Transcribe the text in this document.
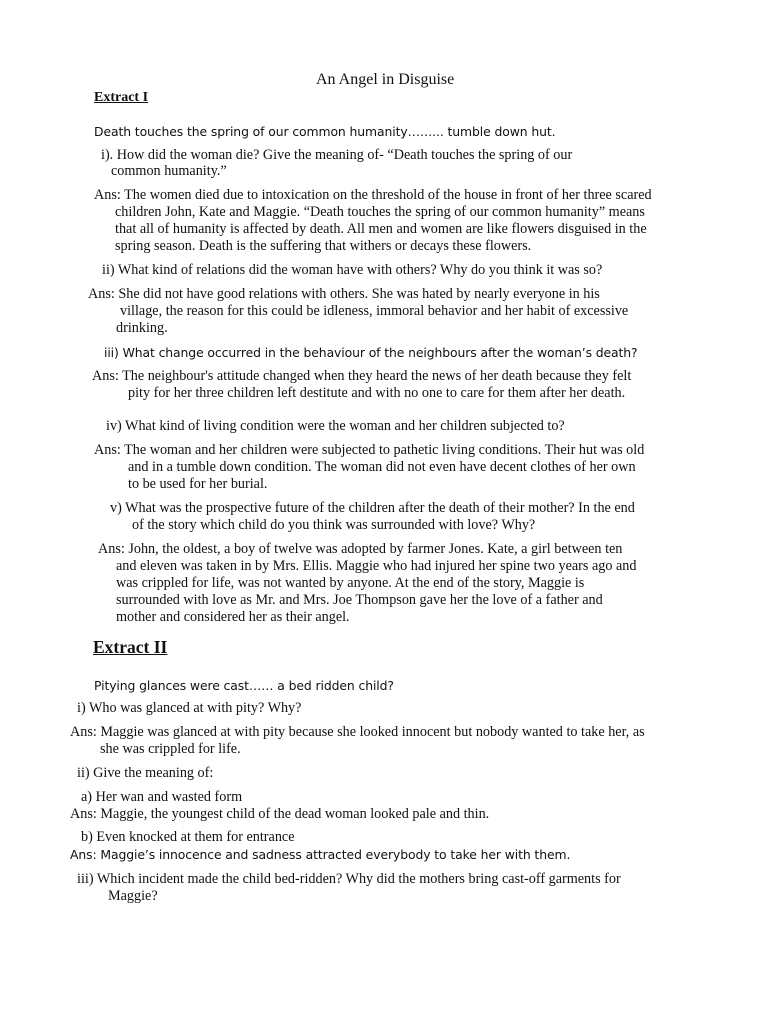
An Angel in Disguise
Extract I
Death touches the spring of our common humanity……... tumble down hut.
i). How did the woman die? Give the meaning of- “Death touches the spring of our
common humanity.”
Ans: The women died due to intoxication on the threshold of the house in front of her three scared
children John, Kate and Maggie. “Death touches the spring of our common humanity” means
that all of humanity is affected by death. All men and women are like flowers disguised in the
spring season. Death is the suffering that withers or decays these flowers.
ii) What kind of relations did the woman have with others? Why do you think it was so?
Ans: She did not have good relations with others. She was hated by nearly everyone in his
village, the reason for this could be idleness, immoral behavior and her habit of excessive
drinking.
iii) What change occurred in the behaviour of the neighbours after the woman’s death?
Ans: The neighbour's attitude changed when they heard the news of her death because they felt
pity for her three children left destitute and with no one to care for them after her death.
iv) What kind of living condition were the woman and her children subjected to?
Ans: The woman and her children were subjected to pathetic living conditions. Their hut was old
and in a tumble down condition. The woman did not even have decent clothes of her own
to be used for her burial.
v) What was the prospective future of the children after the death of their mother? In the end
of the story which child do you think was surrounded with love? Why?
Ans: John, the oldest, a boy of twelve was adopted by farmer Jones. Kate, a girl between ten
and eleven was taken in by Mrs. Ellis. Maggie who had injured her spine two years ago and
was crippled for life, was not wanted by anyone. At the end of the story, Maggie is
surrounded with love as Mr. and Mrs. Joe Thompson gave her the love of a father and
mother and considered her as their angel.
Extract II
Pitying glances were cast…… a bed ridden child?
i) Who was glanced at with pity? Why?
Ans: Maggie was glanced at with pity because she looked innocent but nobody wanted to take her, as
she was crippled for life.
ii) Give the meaning of:
a) Her wan and wasted form
Ans: Maggie, the youngest child of the dead woman looked pale and thin.
b) Even knocked at them for entrance
Ans: Maggie’s innocence and sadness attracted everybody to take her with them.
iii) Which incident made the child bed-ridden? Why did the mothers bring cast-off garments for
Maggie?
